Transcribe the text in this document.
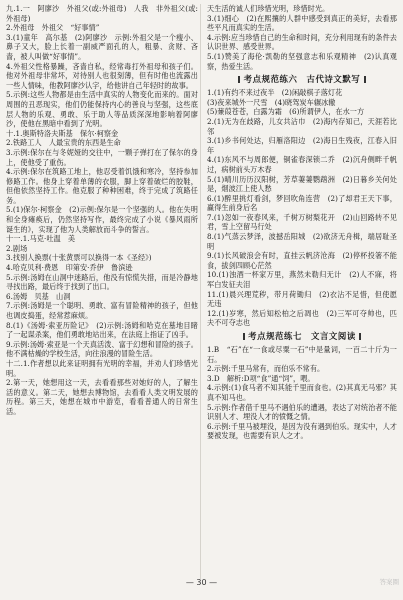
九.1.一　阿廖沙　外祖父(或:外祖母)　人我　非外祖父(或:外祖母)

2.外祖母　外祖父　“好事情”

3.(1)童年　高尔基　(2)阿廖沙　示例:外祖父是一个瘦小、鼻子又大，脸上长着一副威严面孔的人，粗暴、贪财、吝啬，被人叫做“好事情”。

4.外祖父性格暴躁，吝啬自私，经常毒打外祖母和孩子们。他对外祖母非常坏，对待别人也很刻薄，但有时他也流露出一些人情味，他教阿廖沙认字，给他讲自己年轻时的故事。

5.示例:这些人物都是由生活中真实的人物变化而来的。面对周围的丑恶现实，他们仍能保持内心的善良与坚强，这些底层人物的乐观、勇敢、乐于助人等品质深深地影响着阿廖沙，使他在黑暗中看到了光明。

十.1.奥斯特洛夫斯基　保尔·柯察金

2.铁路工人　人最宝贵的东西是生命

3.示例:保尔在与冬妮娅的交往中，一颗子弹打在了保尔的身上，使他受了重伤。

4.示例:保尔在筑路工地上，他忍受着饥饿和寒冷，坚持参加修路工作。他身上穿着单薄的衣服，脚上穿着破烂的胶鞋，但他依然坚持工作。他克服了种种困难，终于完成了筑路任务。

5.(1)保尔·柯察金　(2)示例:保尔是一个坚强的人。他在失明和全身瘫痪后，仍然坚持写作，最终完成了小说《暴风雨所诞生的》，实现了他为人类解放而斗争的誓言。

十一.1.马克·吐温　美

2.剧场

3.找别人换票(十张黄票可以换得一本《圣经》)

4.哈克贝利·费恩　印第安·乔伊　鲁滨逊

5.示例:汤姆在山洞中迷路后，他没有惊慌失措，而是冷静地寻找出路，最后终于找到了出口。

6.汤姆　贝基　山洞

7.示例:汤姆是一个聪明、勇敢、富有冒险精神的孩子，但他也调皮捣蛋，经常惹麻烦。

8.(1)《汤姆·索亚历险记》　(2)示例:汤姆和哈克在墓地目睹了一起谋杀案，他们勇敢地站出来，在法庭上指证了凶手。

9.示例:汤姆·索亚是一个天真活泼、富于幻想和冒险的孩子。他不满枯燥的学校生活，向往浪漫的冒险生活。

十二.1.作者想以此来证明拥有光明的幸福，并劝人们珍惜光明。

2.第一天，她想用这一天，去看看那些对她好的人，了解生活的意义。第二天，她想去博物馆，去看看人类文明发展的历程。第三天，她想在城市中游览，看看普通人的日常生活。

天生活的诚人们珍惜光明，珍惜时光。

3.(1)细心　(2)在熙攘的人群中感受到真正的美好，去看那些平凡而真实的生活。

4.示例:应当珍惜自己的生命和时间，充分利用现有的条件去认识世界、感受世界。

5.(1)赞美了海伦·凯勒的坚强意志和乐观精神　(2)认真观察，热爱生活。

考点规范练六　古代诗文默写

1.(1)有约不来过夜半　(2)闲敲棋子落灯花

(3)夜来城外一尺雪　(4)晓驾炭车辗冰辙

(5)蒹葭苍苍，白露为霜　(6)所谓伊人，在水一方

2.(1)无为在歧路，儿女共沾巾　(2)海内存知己，天涯若比邻

3.(1)乡书何处达，归雁洛阳边　(2)海日生残夜，江春入旧年

4.(1)东风不与周郎便，铜雀春深锁二乔　(2)沉舟侧畔千帆过，病树前头万木春

5.(1)晴川历历汉阳树，芳草萋萋鹦鹉洲　(2)日暮乡关何处是，烟波江上使人愁

6.(1)醉里挑灯看剑，梦回吹角连营　(2)了却君王天下事，赢得生前身后名

7.(1)忽如一夜春风来，千树万树梨花开　(2)山回路转不见君，雪上空留马行处

8.(1)气蒸云梦泽，波撼岳阳城　(2)欲济无舟楫，端居耻圣明

9.(1)长风破浪会有时，直挂云帆济沧海　(2)停杯投箸不能食，拔剑四顾心茫然

10.(1)浊酒一杯家万里，燕然未勒归无计　(2)人不寐，将军白发征夫泪

11.(1)晨兴理荒秽，带月荷锄归　(2)衣沾不足惜，但使愿无违

12.(1)岁寒，然后知松柏之后凋也　(2)三军可夺帅也，匹夫不可夺志也

考点规范练七　文言文阅读

1.B　“石”在“一食或尽粟一石”中是量词，一百二十斤为一石。

2.示例:千里马常有，而伯乐不常有。

3.D　解析:D项“食”通“饲”，喂。

4.示例:(1)食马者不知其能千里而食也。(2)其真无马邪？其真不知马也。

5.示例:作者借千里马不遇伯乐的遭遇，表达了对统治者不能识别人才、埋没人才的愤慨之情。

6.示例:千里马被埋没，是因为没有遇到伯乐。现实中，人才要被发现，也需要有识人之才。

— 30 —	答案圈
